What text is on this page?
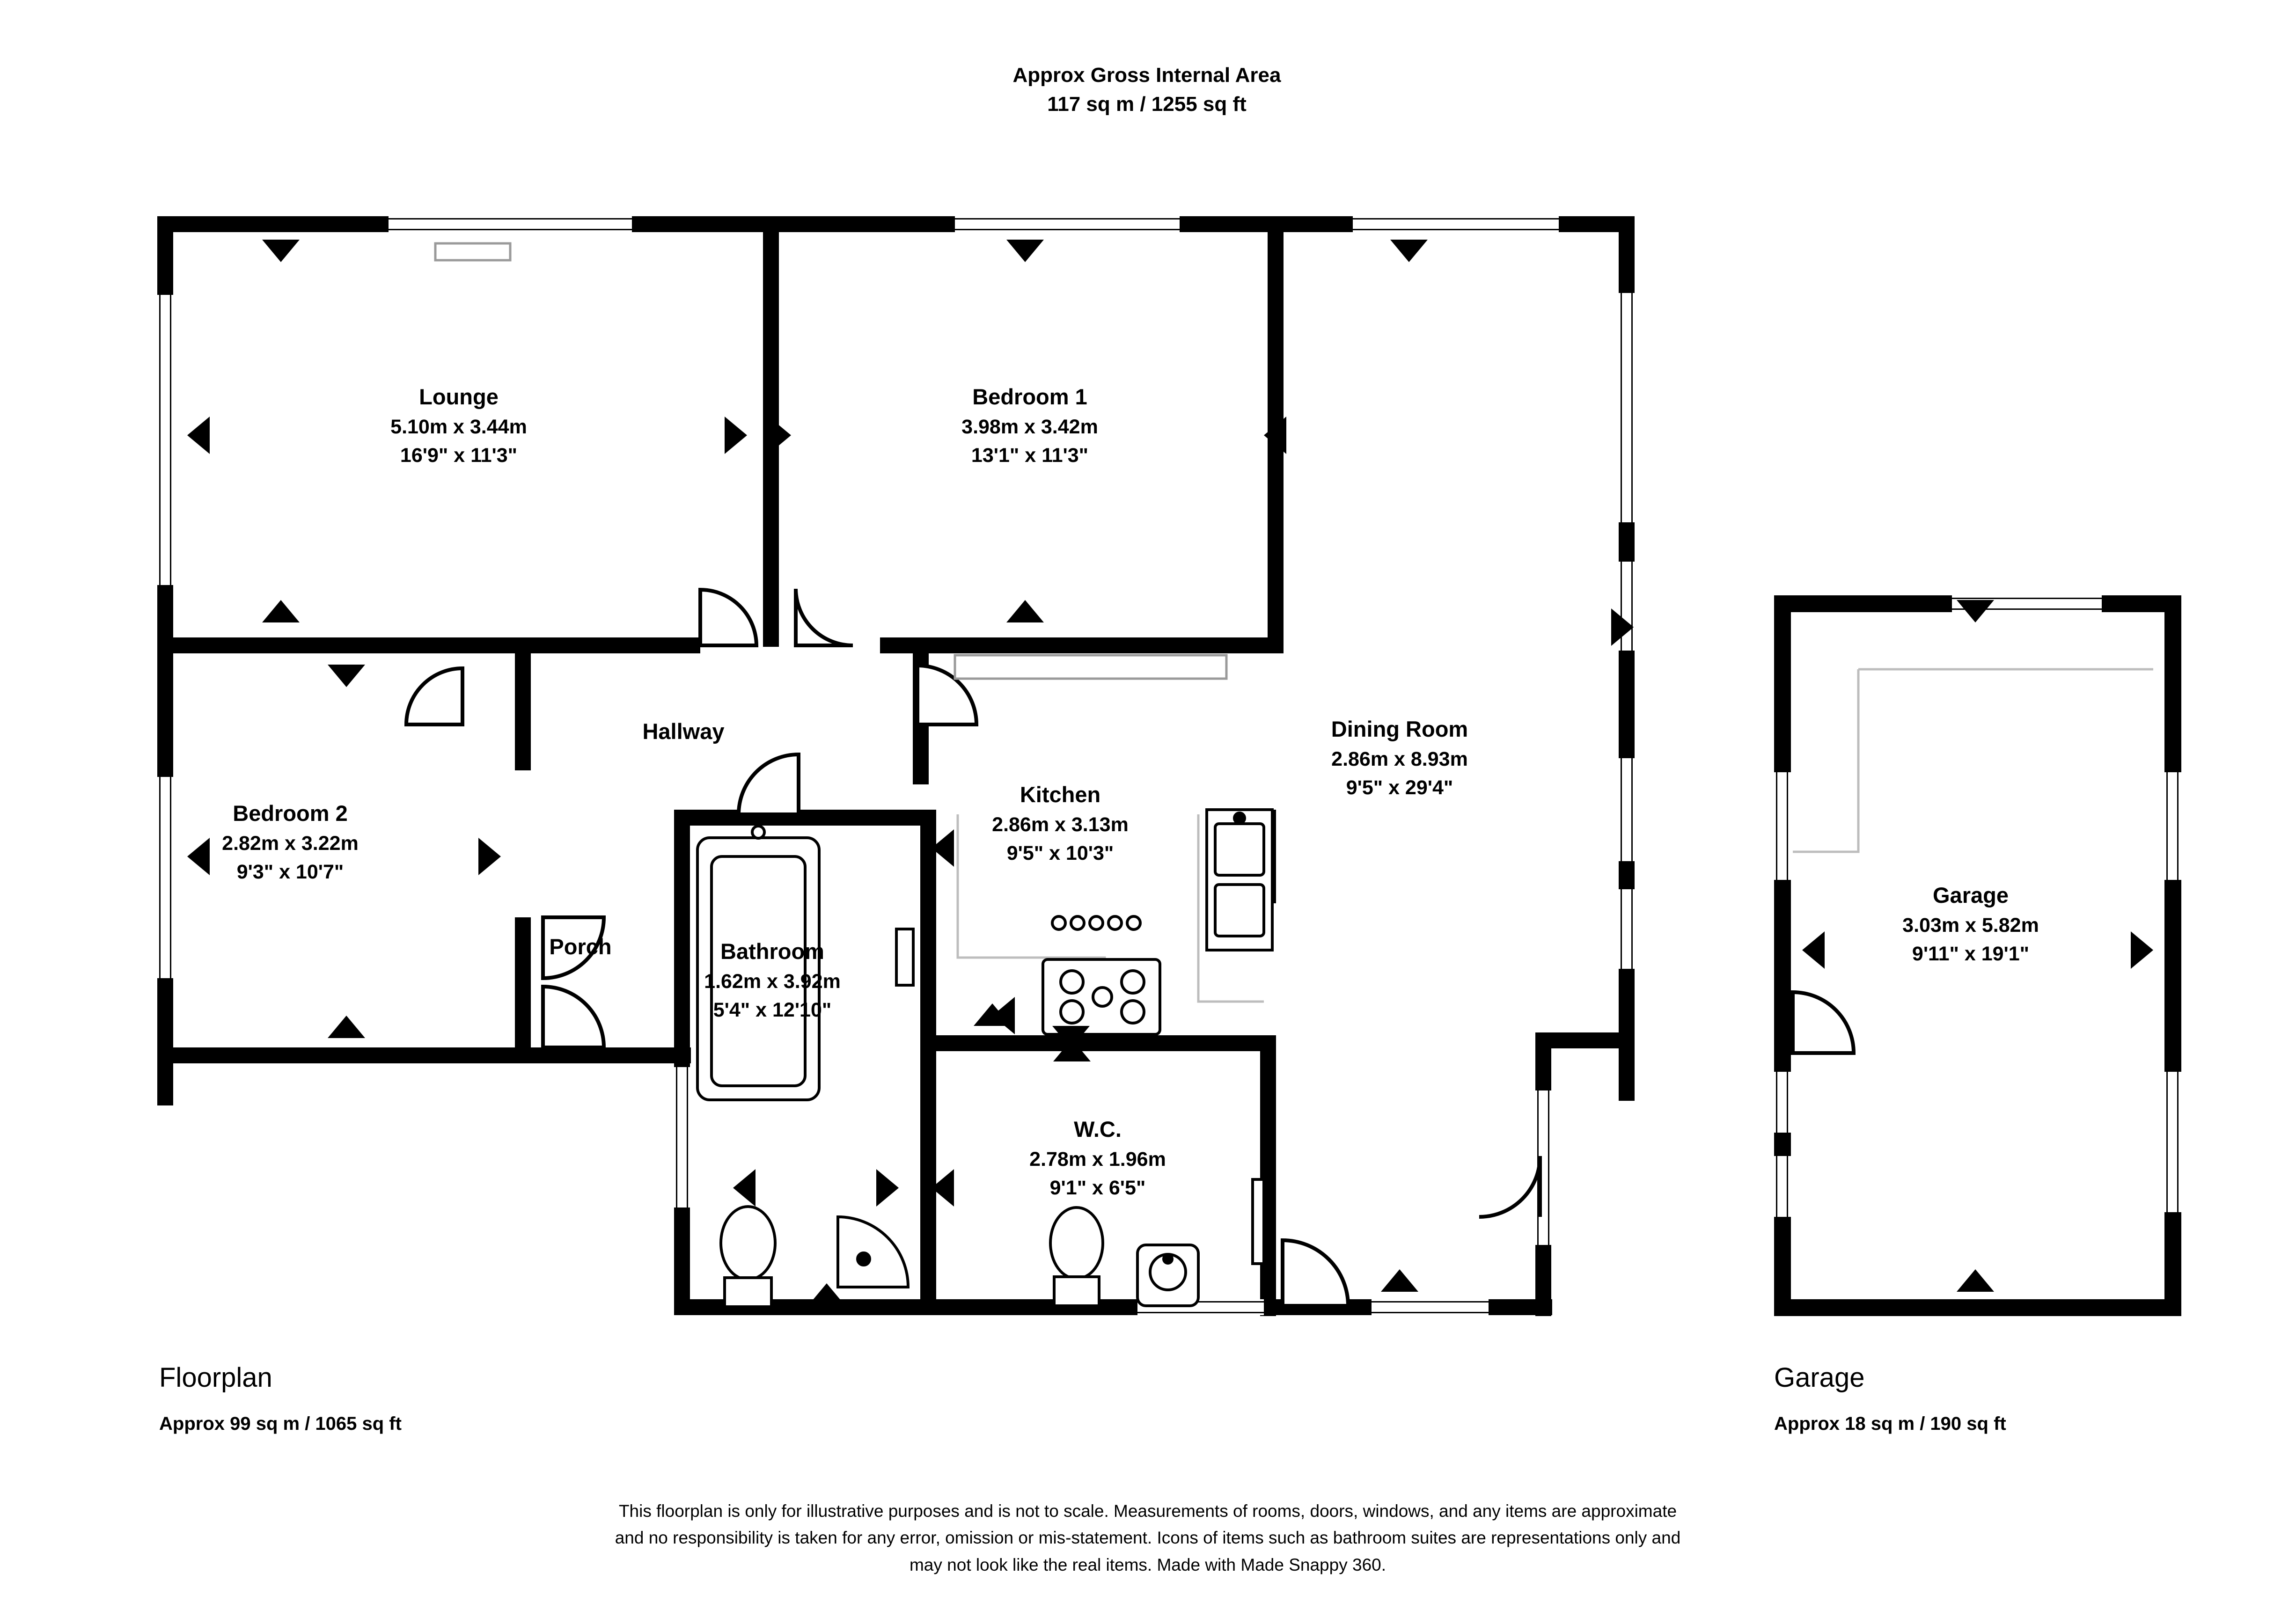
Approx Gross Internal Area
117 sq m / 1255 sq ft
Lounge
5.10m x 3.44m
16'9" x 11'3"
Bedroom 1
3.98m x 3.42m
13'1" x 11'3"
Bedroom 2
2.82m x 3.22m
9'3" x 10'7"
Hallway
Porch	Bathroom
1.62m x 3.92m
5'4" x 12'10"
Kitchen
2.86m x 3.13m
9'5" x 10'3"
Dining Room
2.86m x 8.93m
9'5" x 29'4"
W.C.
2.78m x 1.96m
9'1" x 6'5"
Garage
3.03m x 5.82m
9'11" x 19'1"
Floorplan
Approx 99 sq m / 1065 sq ft
Garage
Approx 18 sq m / 190 sq ft
This floorplan is only for illustrative purposes and is not to scale. Measurements of rooms, doors, windows, and any items are approximate
and no responsibility is taken for any error, omission or mis-statement. Icons of items such as bathroom suites are representations only and
may not look like the real items. Made with Made Snappy 360.
